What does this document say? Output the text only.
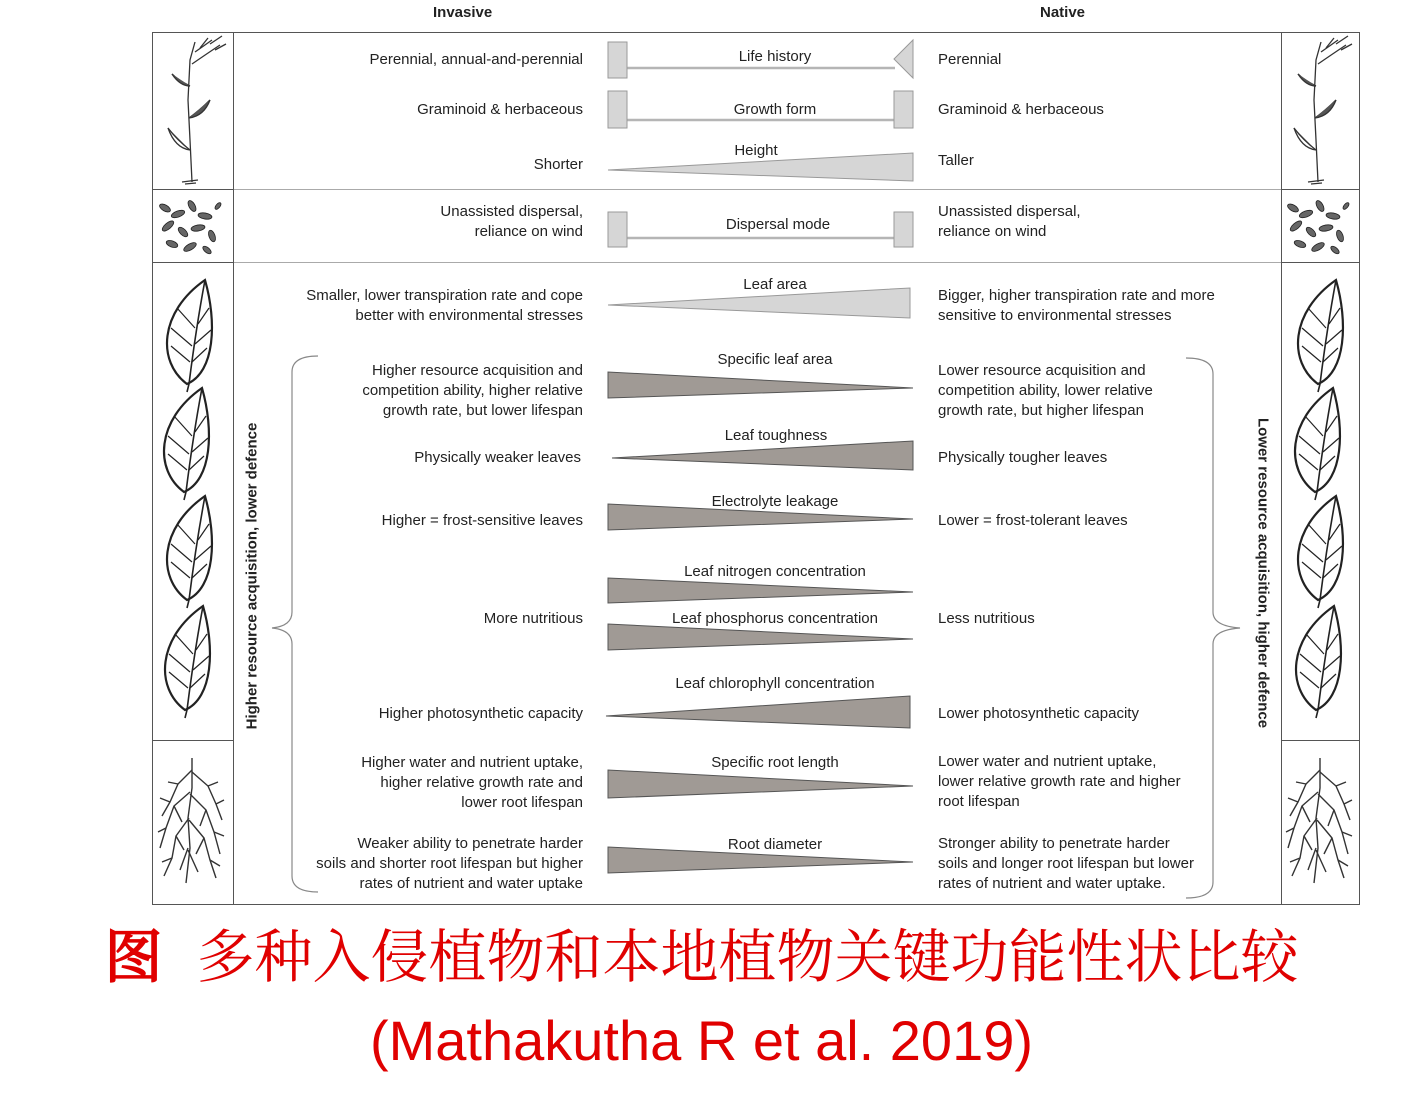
Invasive	Native
Life history
Growth form
Height
Dispersal mode
Leaf area
Specific leaf area
Leaf toughness
Electrolyte leakage
Leaf nitrogen concentration
Leaf phosphorus concentration
Leaf chlorophyll concentration
Specific root length
Root diameter
Perennial, annual-and-perennial
Graminoid & herbaceous
Shorter
Unassisted dispersal,
reliance on wind
Smaller, lower transpiration rate and cope
better with environmental stresses
Higher resource acquisition and
competition ability, higher relative
growth rate, but lower lifespan
Physically weaker leaves
Higher = frost-sensitive leaves
More nutritious
Higher photosynthetic capacity
Higher water and nutrient uptake,
higher relative growth rate and
lower root lifespan
Weaker ability to penetrate harder
soils and shorter root lifespan but higher
rates of nutrient and water uptake
Perennial
Graminoid & herbaceous
Taller
Unassisted dispersal,
reliance on wind
Bigger, higher transpiration rate and more
sensitive to environmental stresses
Lower resource acquisition and
competition ability, lower relative
growth rate, but higher lifespan
Physically tougher leaves
Lower = frost-tolerant leaves
Less nutritious
Lower photosynthetic capacity
Lower water and nutrient uptake,
lower relative growth rate and higher
root lifespan
Stronger ability to penetrate harder
soils and longer root lifespan but lower
rates of nutrient and water uptake.
Higher resource acquisition, lower defence	Lower resource acquisition, higher defence
图 多种入侵植物和本地植物关键功能性状比较
(Mathakutha R et al. 2019)
